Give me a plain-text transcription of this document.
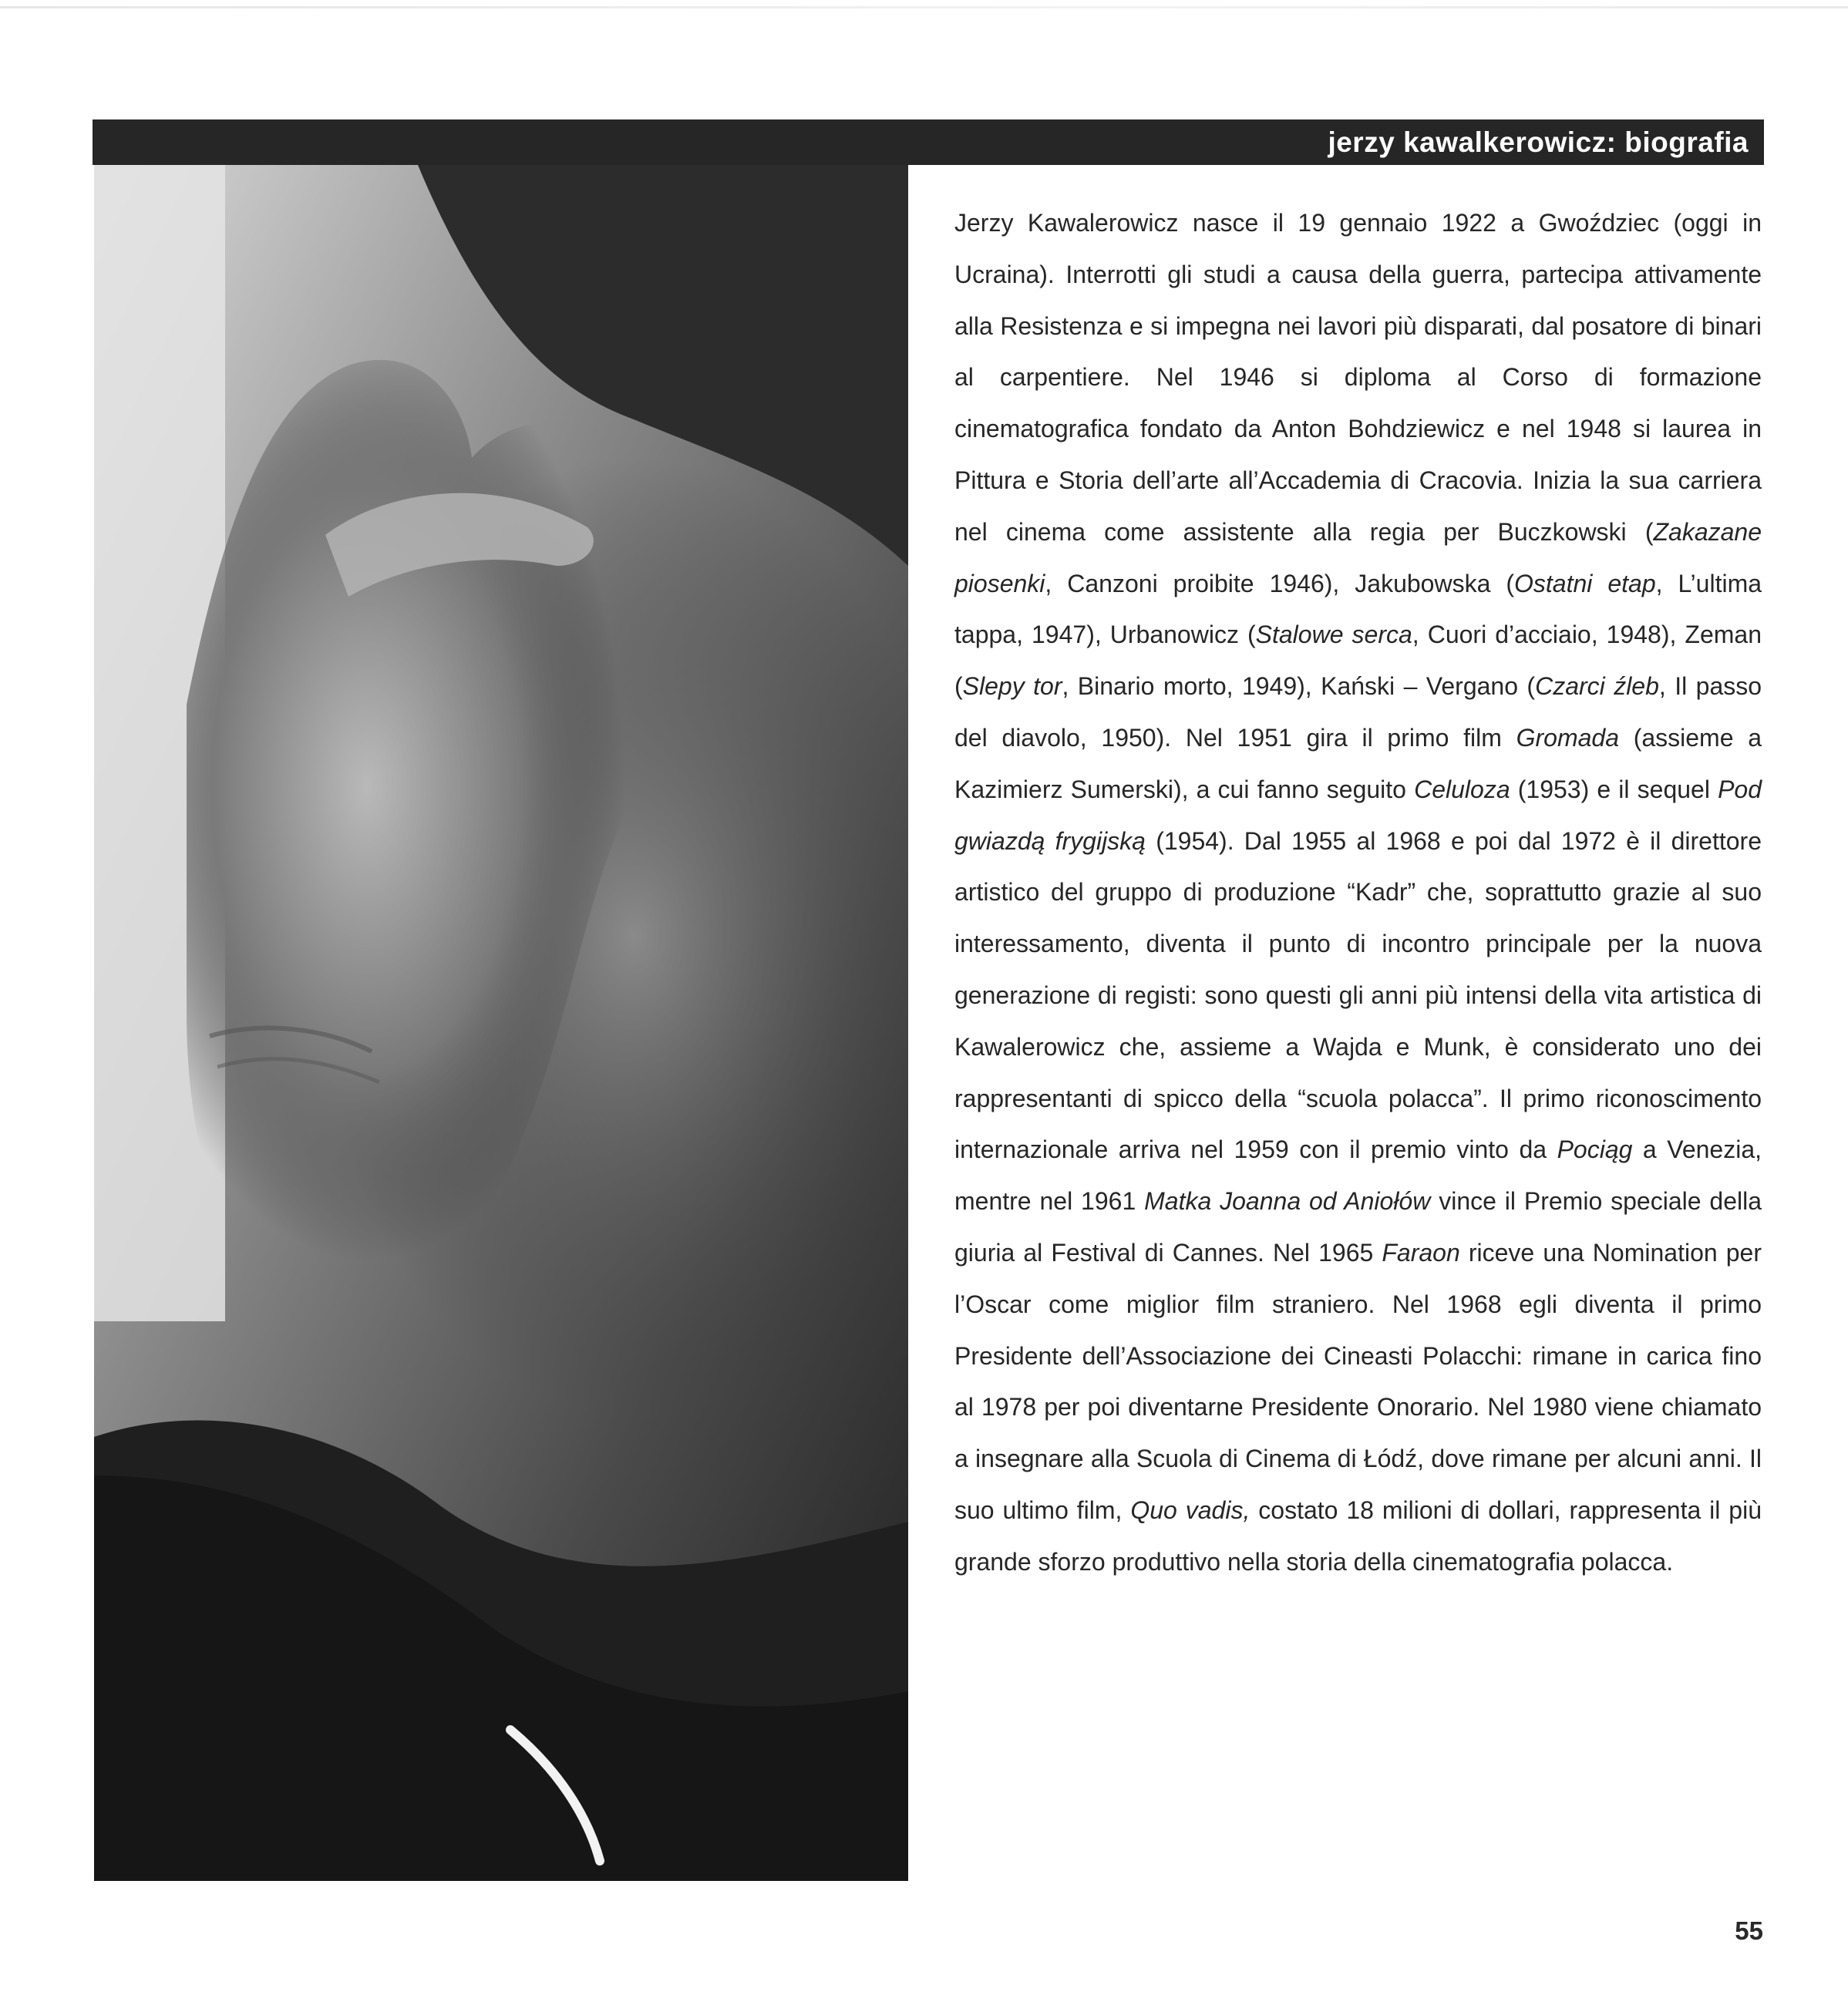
jerzy kawalkerowicz: biografia

Jerzy Kawalerowicz nasce il 19 gennaio 1922 a Gwoździec (oggi in Ucraina). Interrotti gli studi a causa della guerra, partecipa attivamente alla Resistenza e si impegna nei lavori più disparati, dal posatore di binari al carpentiere. Nel 1946 si diploma al Corso di formazione cinematografica fondato da Anton Bohdziewicz e nel 1948 si laurea in Pittura e Storia dell’arte all’Accademia di Cracovia. Inizia la sua carriera nel cinema come assistente alla regia per Buczkowski (Zakazane piosenki, Canzoni proibite 1946), Jakubowska (Ostatni etap, L’ultima tappa, 1947), Urbanowicz (Stalowe serca, Cuori d’acciaio, 1948), Zeman (Slepy tor, Binario morto, 1949), Kański – Vergano (Czarci źleb, Il passo del diavolo, 1950). Nel 1951 gira il primo film Gromada (assieme a Kazimierz Sumerski), a cui fanno seguito Celuloza (1953) e il sequel Pod gwiazdą frygijską (1954). Dal 1955 al 1968 e poi dal 1972 è il direttore artistico del gruppo di produzione “Kadr” che, soprattutto grazie al suo interessamento, diventa il punto di incontro principale per la nuova generazione di registi: sono questi gli anni più intensi della vita artistica di Kawalerowicz che, assieme a Wajda e Munk, è considerato uno dei rappresentanti di spicco della “scuola polacca”. Il primo riconoscimento internazionale arriva nel 1959 con il premio vinto da Pociąg a Venezia, mentre nel 1961 Matka Joanna od Aniołów vince il Premio speciale della giuria al Festival di Cannes. Nel 1965 Faraon riceve una Nomination per l’Oscar come miglior film straniero. Nel 1968 egli diventa il primo Presidente dell’Associazione dei Cineasti Polacchi: rimane in carica fino al 1978 per poi diventarne Presidente Onorario. Nel 1980 viene chiamato a insegnare alla Scuola di Cinema di Łódź, dove rimane per alcuni anni. Il suo ultimo film, Quo vadis, costato 18 milioni di dollari, rappresenta il più grande sforzo produttivo nella storia della cinematografia polacca.

55
